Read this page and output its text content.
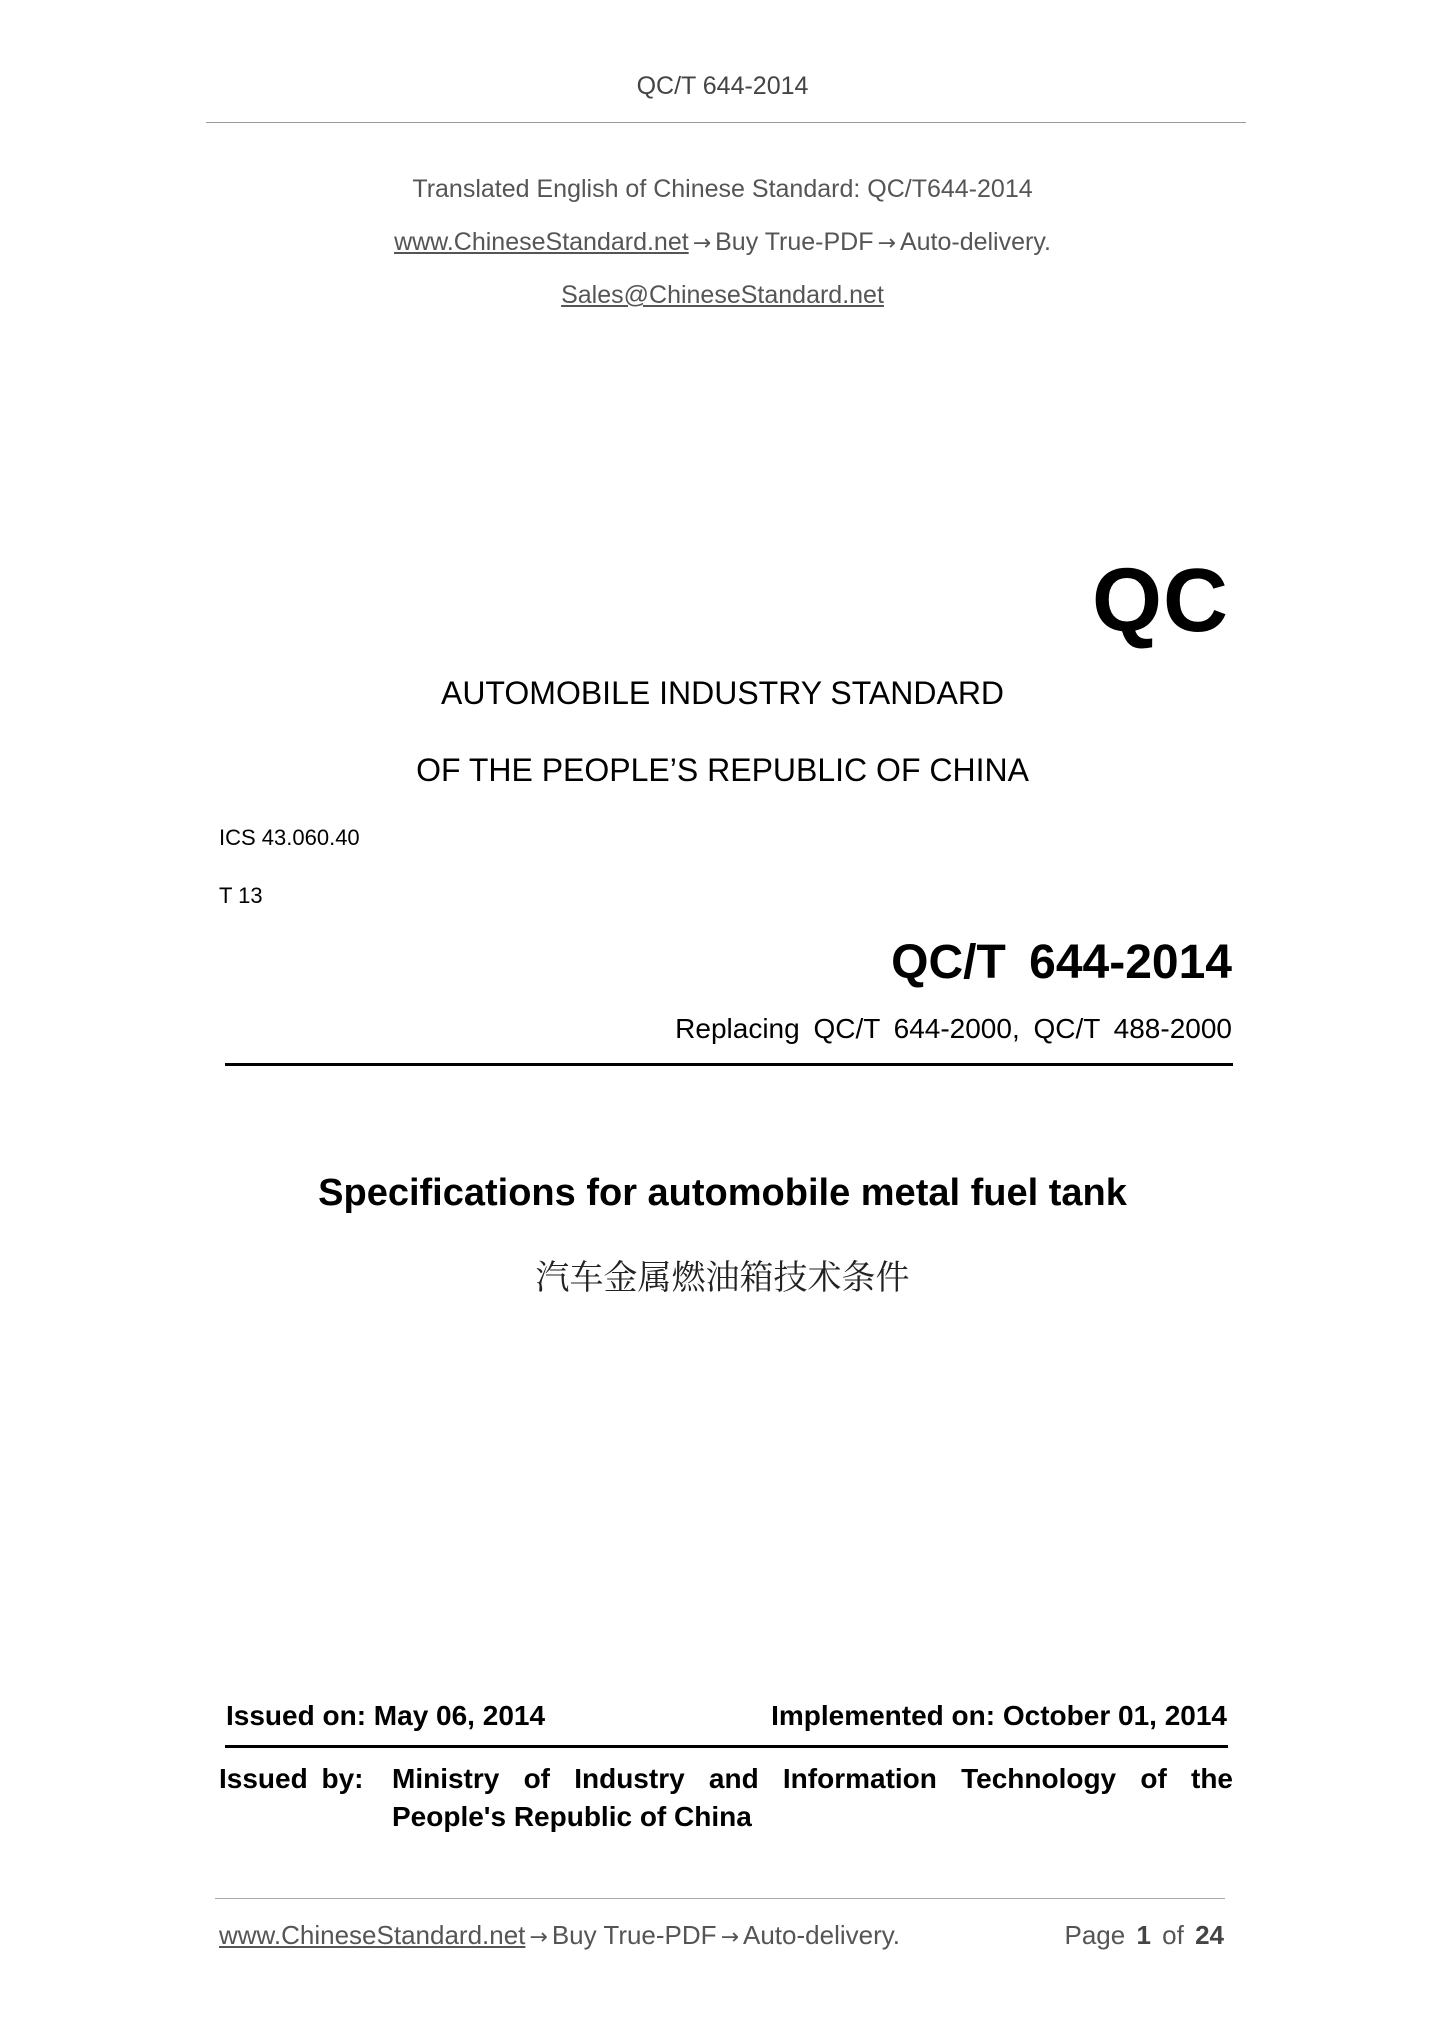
QC/T 644-2014
Translated English of Chinese Standard: QC/T644-2014
www.ChineseStandard.net → Buy True-PDF → Auto-delivery.
Sales@ChineseStandard.net
QC
AUTOMOBILE INDUSTRY STANDARD
OF THE PEOPLE’S REPUBLIC OF CHINA
ICS 43.060.40
T 13
QC/T 644-2014
Replacing QC/T 644-2000, QC/T 488-2000
Specifications for automobile metal fuel tank
汽车金属燃油箱技术条件
Issued on: May 06, 2014	Implemented on: October 01, 2014
Issued by:	Ministry of Industry and Information Technology of the
People's Republic of China
www.ChineseStandard.net → Buy True-PDF → Auto-delivery.	Page 1 of 24
